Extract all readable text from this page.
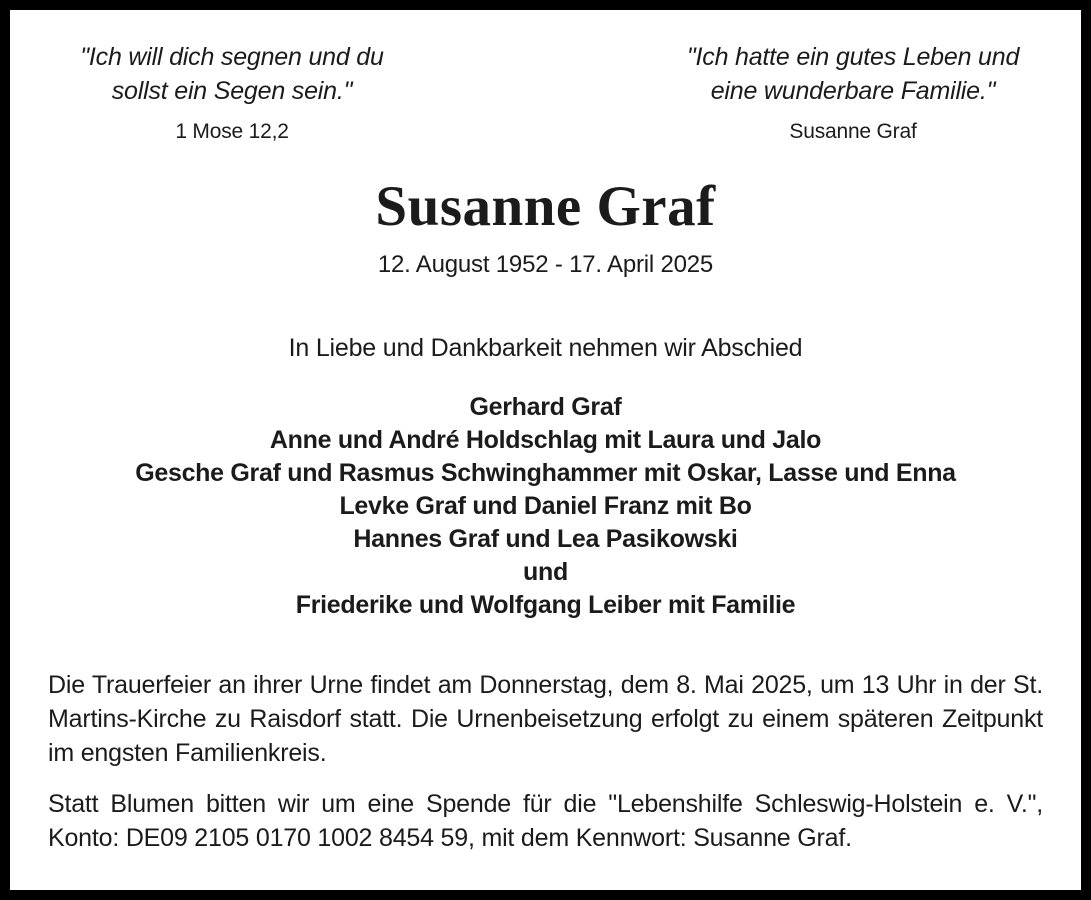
"Ich will dich segnen und du
sollst ein Segen sein."
1 Mose 12,2
"Ich hatte ein gutes Leben und
eine wunderbare Familie."
Susanne Graf
Susanne Graf
12. August 1952 - 17. April 2025
In Liebe und Dankbarkeit nehmen wir Abschied
Gerhard Graf
Anne und André Holdschlag mit Laura und Jalo
Gesche Graf und Rasmus Schwinghammer mit Oskar, Lasse und Enna
Levke Graf und Daniel Franz mit Bo
Hannes Graf und Lea Pasikowski
und
Friederike und Wolfgang Leiber mit Familie
Die Trauerfeier an ihrer Urne findet am Donnerstag, dem 8. Mai 2025, um 13 Uhr in der St. Martins-Kirche zu Raisdorf statt. Die Urnenbeisetzung erfolgt zu einem späteren Zeitpunkt im engsten Familienkreis.
Statt Blumen bitten wir um eine Spende für die "Lebenshilfe Schleswig-Holstein e. V.", Konto: DE09 2105 0170 1002 8454 59, mit dem Kennwort: Susanne Graf.
